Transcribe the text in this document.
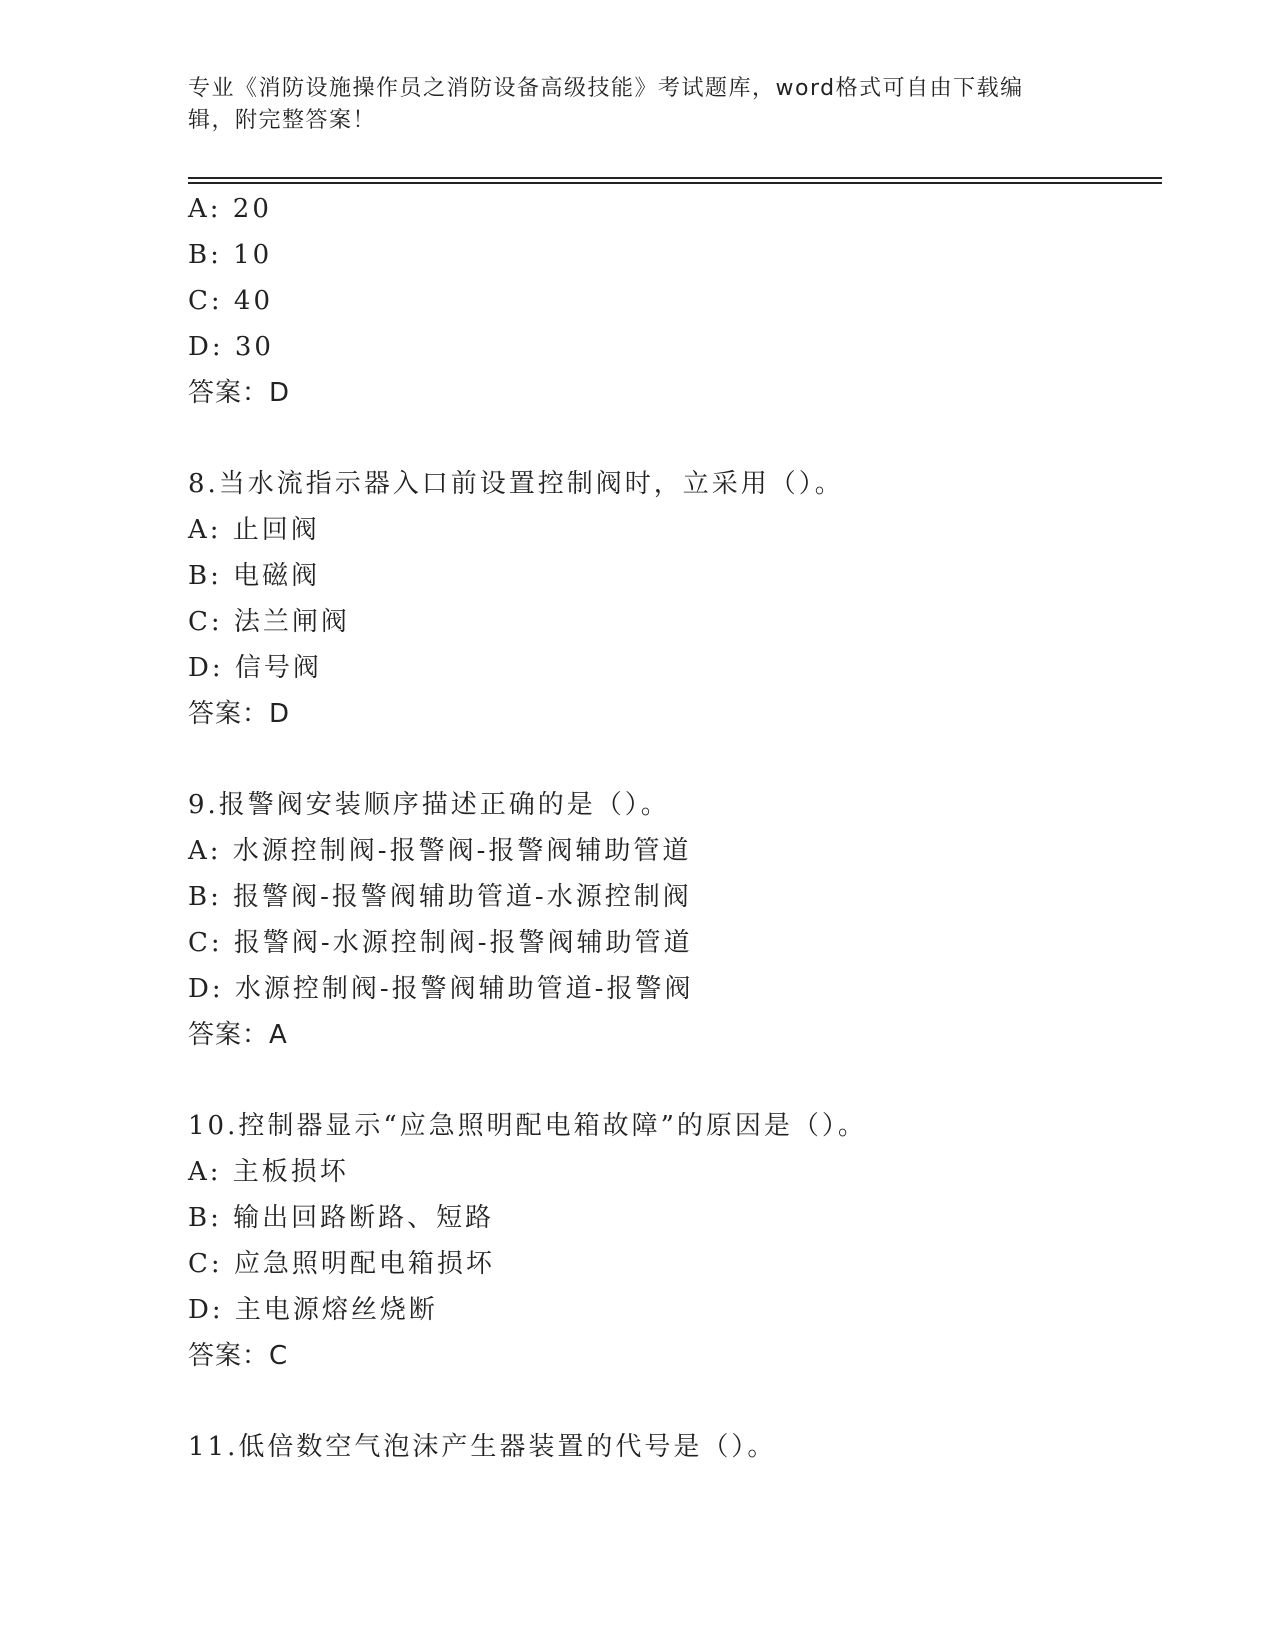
专业《消防设施操作员之消防设备高级技能》考试题库，word格式可自由下载编
辑，附完整答案！
A: 20
B: 10
C: 40
D: 30
答案：D
8.当水流指示器入口前设置控制阀时，立采用（）。
A: 止回阀
B: 电磁阀
C: 法兰闸阀
D: 信号阀
答案：D
9.报警阀安装顺序描述正确的是（）。
A: 水源控制阀-报警阀-报警阀辅助管道
B: 报警阀-报警阀辅助管道-水源控制阀
C: 报警阀-水源控制阀-报警阀辅助管道
D: 水源控制阀-报警阀辅助管道-报警阀
答案：A
10.控制器显示“应急照明配电箱故障”的原因是（）。
A: 主板损坏
B: 输出回路断路、短路
C: 应急照明配电箱损坏
D: 主电源熔丝烧断
答案：C
11.低倍数空气泡沫产生器装置的代号是（）。
